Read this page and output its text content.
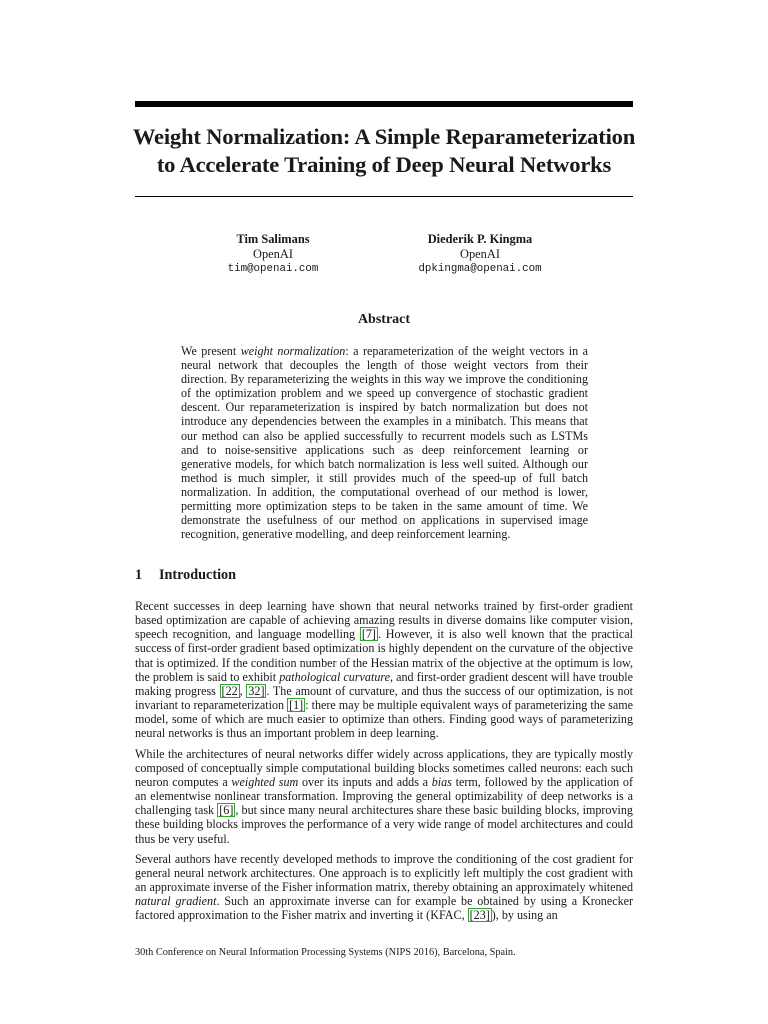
Weight Normalization: A Simple Reparameterization
to Accelerate Training of Deep Neural Networks
Tim Salimans
OpenAI
tim@openai.com
Diederik P. Kingma
OpenAI
dpkingma@openai.com
Abstract

We present weight normalization: a reparameterization of the weight vectors in a neural network that decouples the length of those weight vectors from their direction. By reparameterizing the weights in this way we improve the conditioning of the optimization problem and we speed up convergence of stochastic gradient descent. Our reparameterization is inspired by batch normalization but does not introduce any dependencies between the examples in a minibatch. This means that our method can also be applied successfully to recurrent models such as LSTMs and to noise-sensitive applications such as deep reinforcement learning or generative models, for which batch normalization is less well suited. Although our method is much simpler, it still provides much of the speed-up of full batch normalization. In addition, the computational overhead of our method is lower, permitting more optimization steps to be taken in the same amount of time. We demonstrate the usefulness of our method on applications in supervised image recognition, generative modelling, and deep reinforcement learning.

1 Introduction

Recent successes in deep learning have shown that neural networks trained by first-order gradient based optimization are capable of achieving amazing results in diverse domains like computer vision, speech recognition, and language modelling [7] . However, it is also well known that the practical success of first-order gradient based optimization is highly dependent on the curvature of the objective that is optimized. If the condition number of the Hessian matrix of the objective at the optimum is low, the problem is said to exhibit pathological curvature, and first-order gradient descent will have trouble making progress [22 , 32] . The amount of curvature, and thus the success of our optimization, is not invariant to reparameterization [1] : there may be multiple equivalent ways of parameterizing the same model, some of which are much easier to optimize than others. Finding good ways of parameterizing neural networks is thus an important problem in deep learning.

While the architectures of neural networks differ widely across applications, they are typically mostly composed of conceptually simple computational building blocks sometimes called neurons: each such neuron computes a weighted sum over its inputs and adds a bias term, followed by the application of an elementwise nonlinear transformation. Improving the general optimizability of deep networks is a challenging task [6] , but since many neural architectures share these basic building blocks, improving these building blocks improves the performance of a very wide range of model architectures and could thus be very useful.

Several authors have recently developed methods to improve the conditioning of the cost gradient for general neural network architectures. One approach is to explicitly left multiply the cost gradient with an approximate inverse of the Fisher information matrix, thereby obtaining an approximately whitened natural gradient. Such an approximate inverse can for example be obtained by using a Kronecker factored approximation to the Fisher matrix and inverting it (KFAC, [23] ), by using an

30th Conference on Neural Information Processing Systems (NIPS 2016), Barcelona, Spain.
